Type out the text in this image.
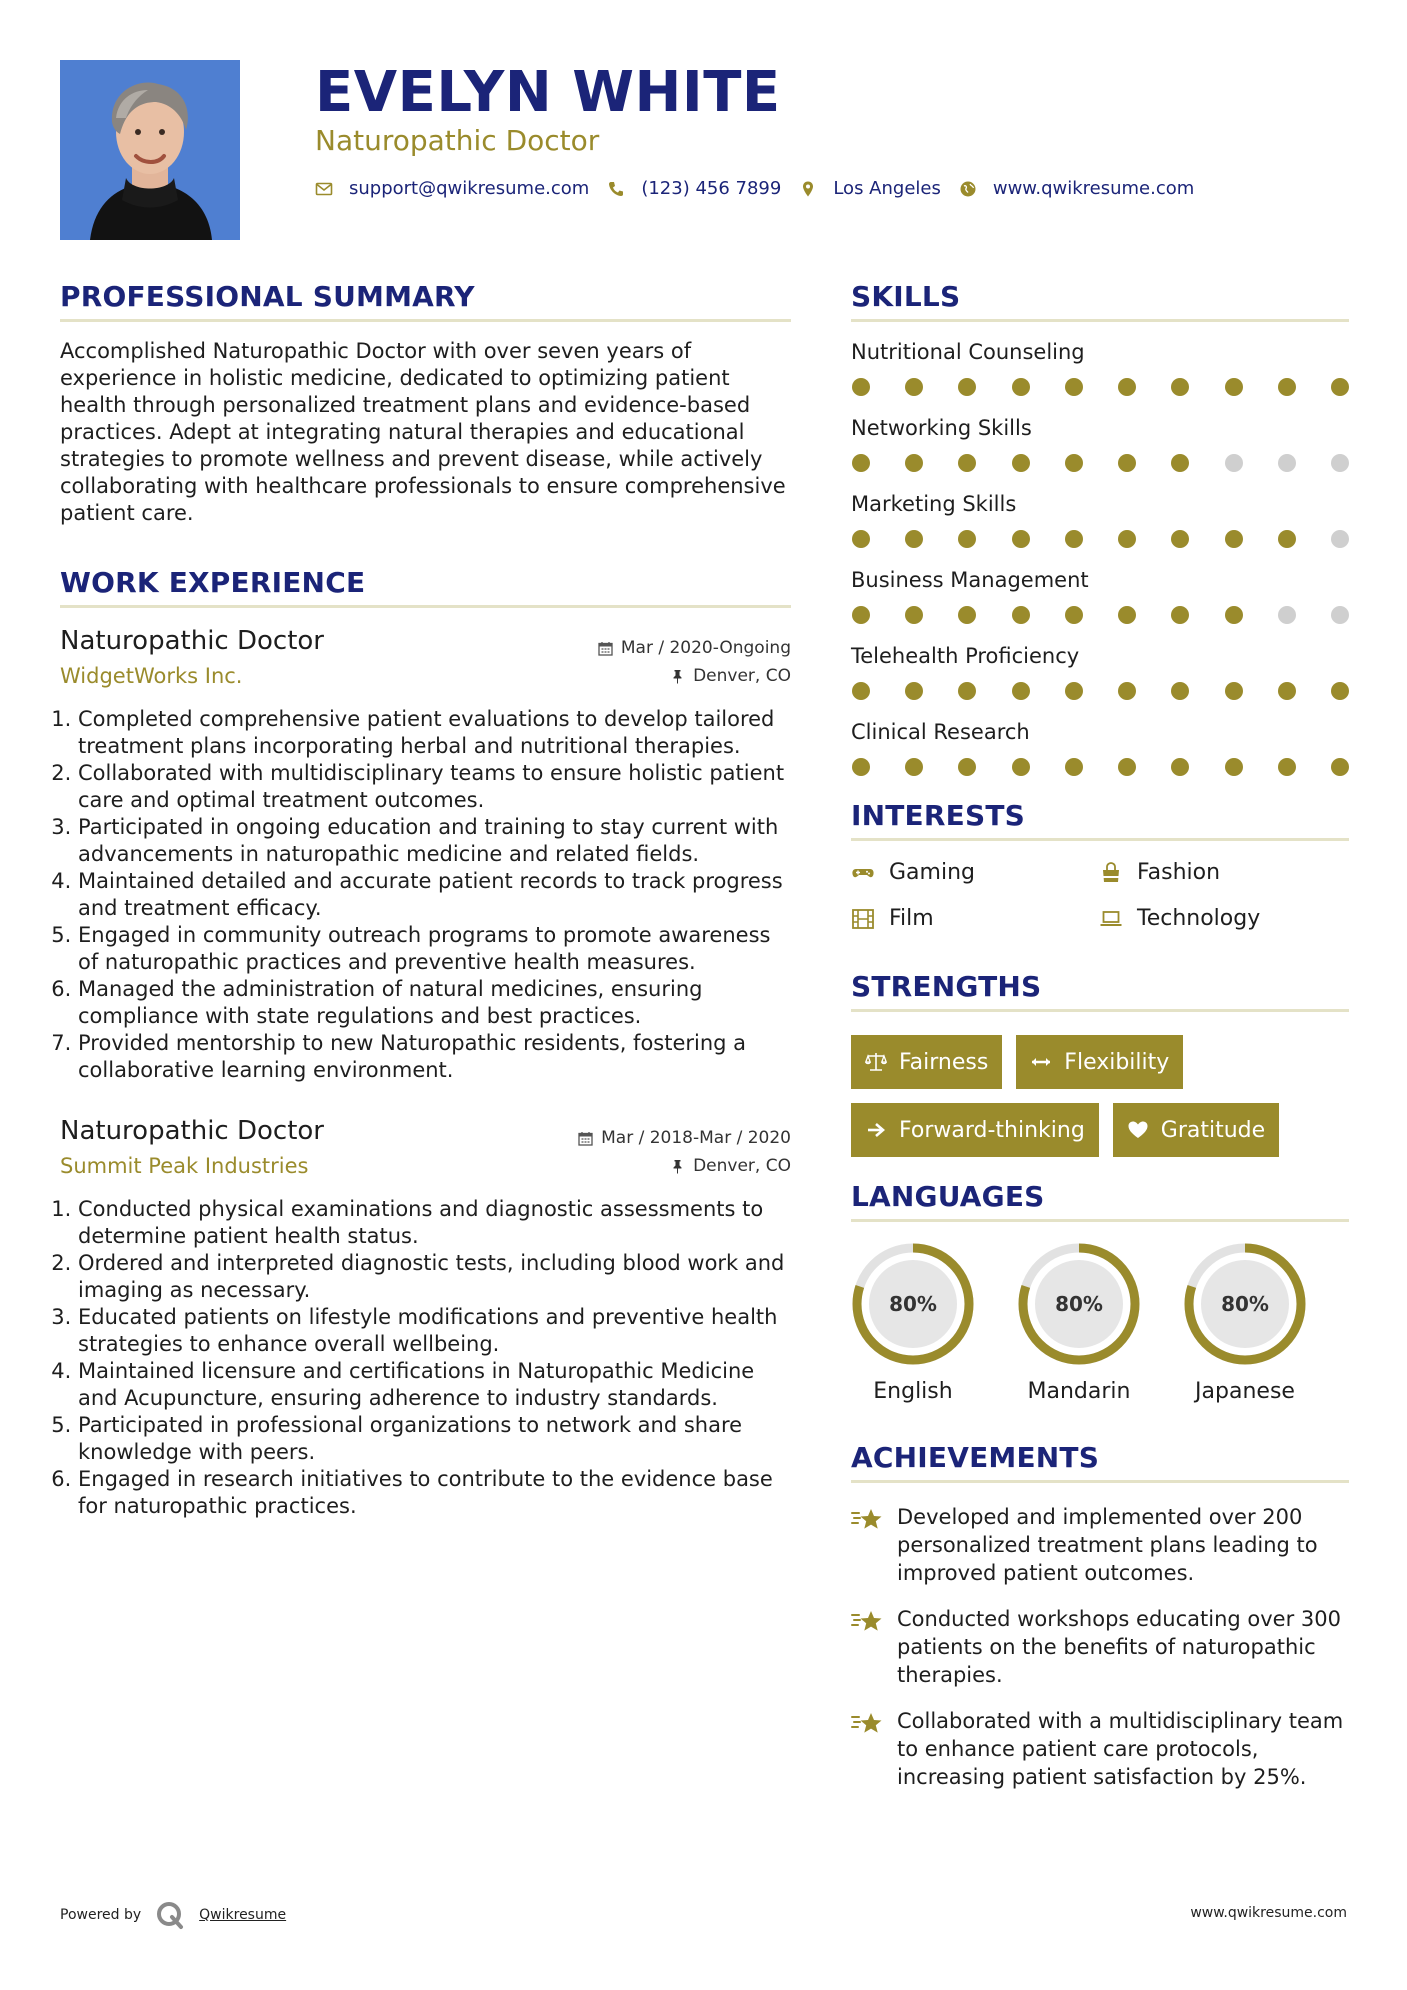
EVELYN WHITE
Naturopathic Doctor
support@qwikresume.com	(123) 456 7899	Los Angeles	www.qwikresume.com
PROFESSIONAL SUMMARY

Accomplished Naturopathic Doctor with over seven years of experience in holistic medicine, dedicated to optimizing patient health through personalized treatment plans and evidence-based practices. Adept at integrating natural therapies and educational strategies to promote wellness and prevent disease, while actively collaborating with healthcare professionals to ensure comprehensive patient care.

WORK EXPERIENCE
Naturopathic Doctor	Mar / 2020-Ongoing
WidgetWorks Inc.	Denver, CO
1. Completed comprehensive patient evaluations to develop tailored treatment plans incorporating herbal and nutritional therapies.
2. Collaborated with multidisciplinary teams to ensure holistic patient care and optimal treatment outcomes.
3. Participated in ongoing education and training to stay current with advancements in naturopathic medicine and related fields.
4. Maintained detailed and accurate patient records to track progress and treatment efficacy.
5. Engaged in community outreach programs to promote awareness of naturopathic practices and preventive health measures.
6. Managed the administration of natural medicines, ensuring compliance with state regulations and best practices.
7. Provided mentorship to new Naturopathic residents, fostering a collaborative learning environment.
Naturopathic Doctor	Mar / 2018-Mar / 2020
Summit Peak Industries	Denver, CO
1. Conducted physical examinations and diagnostic assessments to determine patient health status.
2. Ordered and interpreted diagnostic tests, including blood work and imaging as necessary.
3. Educated patients on lifestyle modifications and preventive health strategies to enhance overall wellbeing.
4. Maintained licensure and certifications in Naturopathic Medicine and Acupuncture, ensuring adherence to industry standards.
5. Participated in professional organizations to network and share knowledge with peers.
6. Engaged in research initiatives to contribute to the evidence base for naturopathic practices.
SKILLS
Nutritional Counseling
Networking Skills
Marketing Skills
Business Management
Telehealth Proficiency
Clinical Research
INTERESTS
Gaming	Fashion
Film	Technology
STRENGTHS
Fairness	Flexibility
Forward-thinking	Gratitude
LANGUAGES
80%
English
80%
Mandarin
80%
Japanese
ACHIEVEMENTS
Developed and implemented over 200 personalized treatment plans leading to improved patient outcomes.
Conducted workshops educating over 300 patients on the benefits of naturopathic therapies.
Collaborated with a multidisciplinary team to enhance patient care protocols, increasing patient satisfaction by 25%.
Powered by	Qwikresume	www.qwikresume.com
